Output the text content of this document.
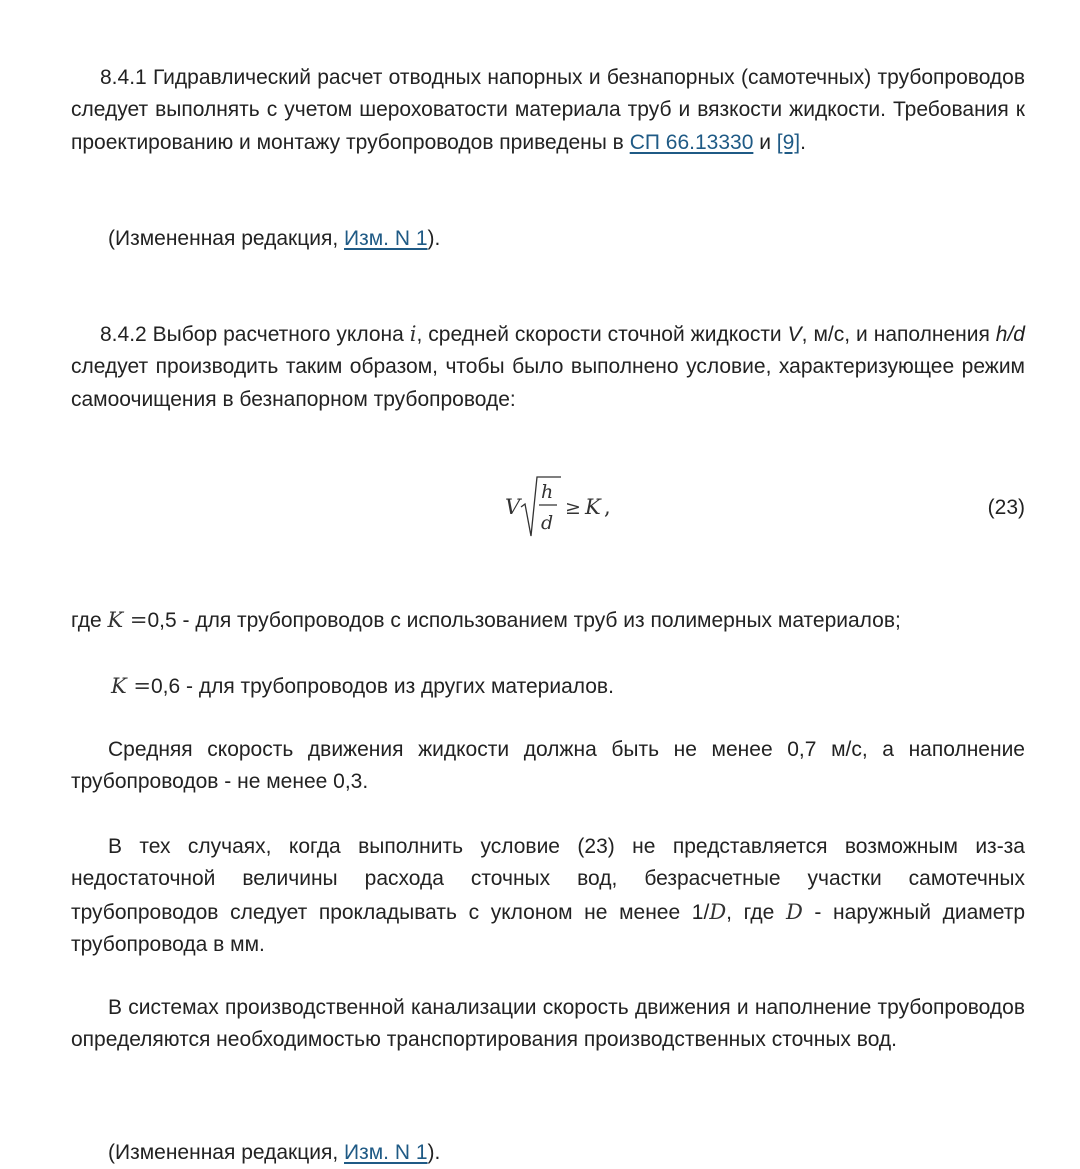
8.4.1 Гидравлический расчет отводных напорных и безнапорных (самотечных) трубопроводов следует выполнять с учетом шероховатости материала труб и вязкости жидкости. Требования к проектированию и монтажу трубопроводов приведены в СП 66.13330 и [9].

(Измененная редакция, Изм. N 1).

8.4.2 Выбор расчетного уклона i, средней скорости сточной жидкости V, м/с, и наполнения h/d следует производить таким образом, чтобы было выполнено условие, характеризующее режим самоочищения в безнапорном трубопроводе:

V
h
d
≥ K ,	(23)

где K =0,5 - для трубопроводов с использованием труб из полимерных материалов;

K =0,6 - для трубопроводов из других материалов.

Средняя скорость движения жидкости должна быть не менее 0,7 м/с, а наполнение трубопроводов - не менее 0,3.

В тех случаях, когда выполнить условие (23) не представляется возможным из-за недостаточной величины расхода сточных вод, безрасчетные участки самотечных трубопроводов следует прокладывать с уклоном не менее 1/D, где D - наружный диаметр трубопровода в мм.

В системах производственной канализации скорость движения и наполнение трубопроводов определяются необходимостью транспортирования производственных сточных вод.

(Измененная редакция, Изм. N 1).
